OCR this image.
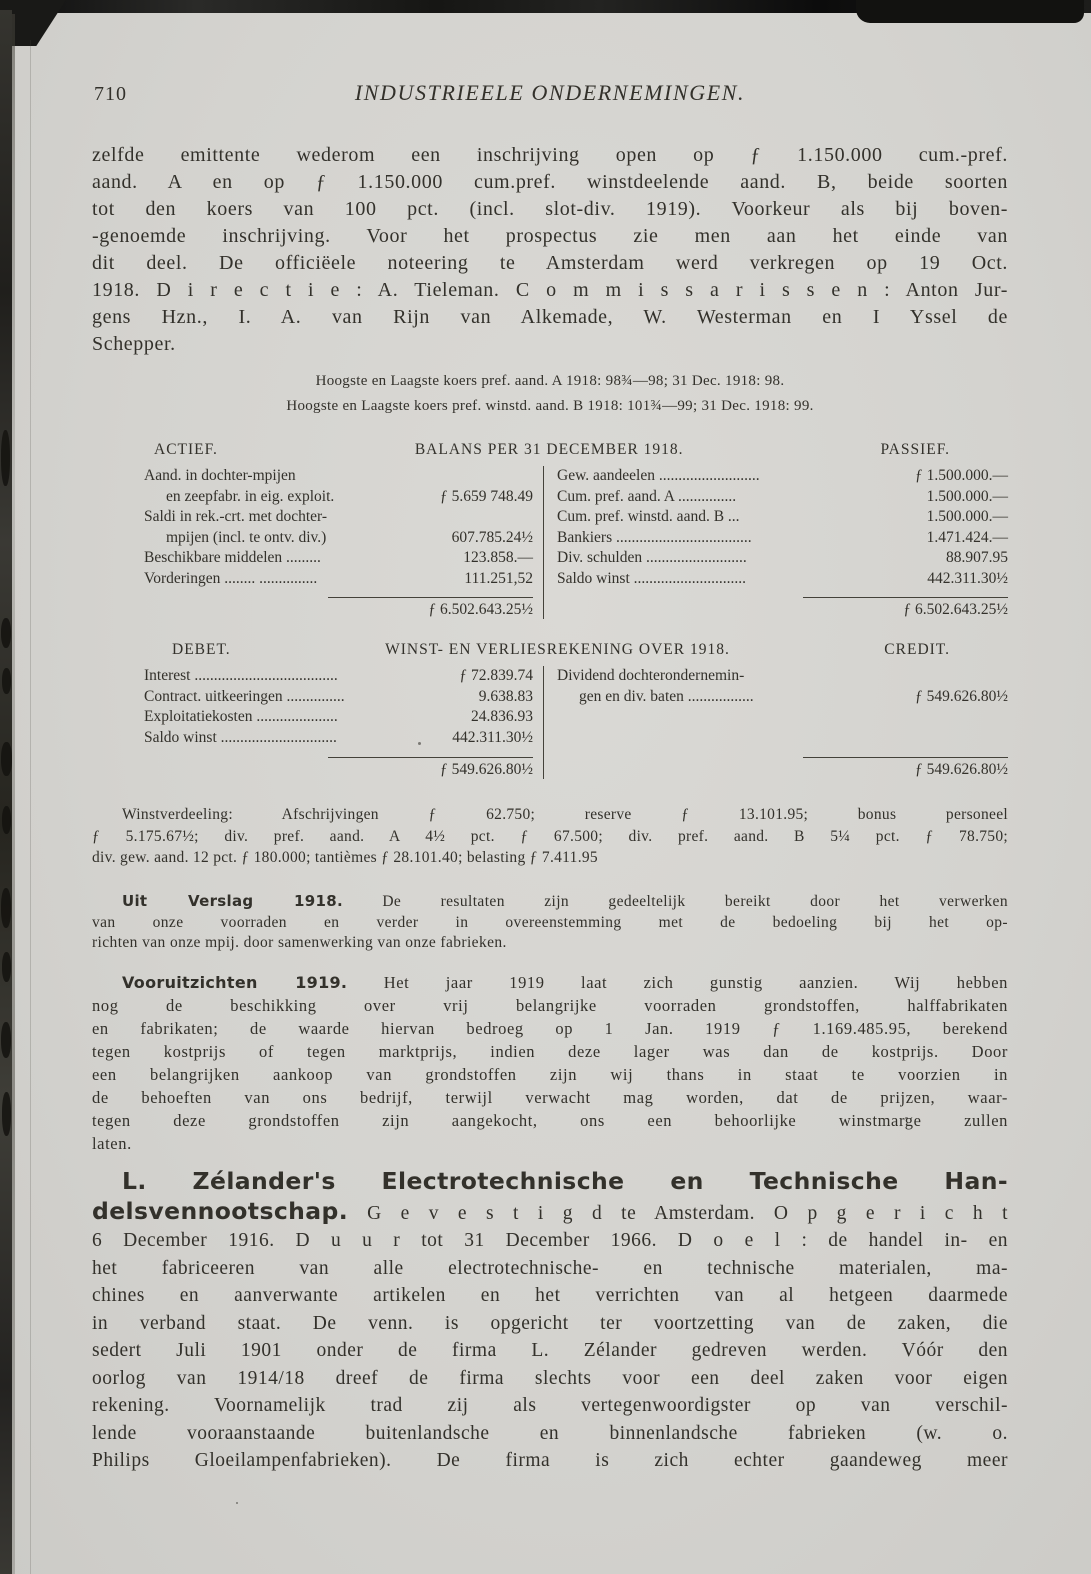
710	INDUSTRIEELE ONDERNEMINGEN.
zelfde emittente wederom een inschrijving open op ƒ 1.150.000 cum.-pref.
aand. A en op ƒ 1.150.000 cum.pref. winstdeelende aand. B, beide soorten
tot den koers van 100 pct. (incl. slot-div. 1919). Voorkeur als bij boven-
-genoemde inschrijving. Voor het prospectus zie men aan het einde van
dit deel. De officiëele noteering te Amsterdam werd verkregen op 19 Oct.
1918. D i r e c t i e : A. Tieleman. C o m m i s s a r i s s e n : Anton Jur-
gens Hzn., I. A. van Rijn van Alkemade, W. Westerman en I Yssel de
Schepper.
Hoogste en Laagste koers pref. aand. A 1918: 98¾—98; 31 Dec. 1918: 98.
Hoogste en Laagste koers pref. winstd. aand. B 1918: 101¾—99; 31 Dec. 1918: 99.
ACTIEF.	BALANS PER 31 DECEMBER 1918.	PASSIEF.
Aand. in dochter-mpijen
en zeepfabr. in eig. exploit.	ƒ 5.659 748.49
Saldi in rek.-crt. met dochter-
mpijen (incl. te ontv. div.)	607.785.24½
Beschikbare middelen .........	123.858.—
Vorderingen ........ ...............	111.251,52
ƒ 6.502.643.25½
Gew. aandeelen ..........................	ƒ 1.500.000.—
Cum. pref. aand. A ...............	1.500.000.—
Cum. pref. winstd. aand. B ...	1.500.000.—
Bankiers ...................................	1.471.424.—
Div. schulden ..........................	88.907.95
Saldo winst .............................	442.311.30½
ƒ 6.502.643.25½
DEBET.	WINST- EN VERLIESREKENING OVER 1918.	CREDIT.
Interest .....................................	ƒ 72.839.74
Contract. uitkeeringen ...............	9.638.83
Exploitatiekosten .....................	24.836.93
Saldo winst ..............................	442.311.30½
ƒ 549.626.80½
Dividend dochterondernemin-
gen en div. baten .................	ƒ 549.626.80½
ƒ 549.626.80½
Winstverdeeling: Afschrijvingen ƒ 62.750; reserve ƒ 13.101.95; bonus personeel
ƒ 5.175.67½; div. pref. aand. A 4½ pct. ƒ 67.500; div. pref. aand. B 5¼ pct. ƒ 78.750;
div. gew. aand. 12 pct. ƒ 180.000; tantièmes ƒ 28.101.40; belasting ƒ 7.411.95
Uit Verslag 1918.	De resultaten zijn gedeeltelijk bereikt door het verwerken
van onze voorraden en verder in overeenstemming met de bedoeling bij het op-
richten van onze mpij. door samenwerking van onze fabrieken.
Vooruitzichten 1919. Het jaar 1919 laat zich gunstig aanzien. Wij hebben
nog de beschikking over vrij belangrijke voorraden grondstoffen, halffabrikaten
en fabrikaten; de waarde hiervan bedroeg op 1 Jan. 1919 ƒ 1.169.485.95, berekend
tegen kostprijs of tegen marktprijs, indien deze lager was dan de kostprijs. Door
een belangrijken aankoop van grondstoffen zijn wij thans in staat te voorzien in
de behoeften van ons bedrijf, terwijl verwacht mag worden, dat de prijzen, waar-
tegen deze grondstoffen zijn aangekocht, ons een behoorlijke winstmarge zullen
laten.
L. Zélander's Electrotechnische en Technische Han-
delsvennootschap. G e v e s t i g d te Amsterdam. O p g e r i c h t
6 December 1916. D u u r tot 31 December 1966. D o e l : de handel in- en
het fabriceeren van alle electrotechnische- en technische materialen, ma-
chines en aanverwante artikelen en het verrichten van al hetgeen daarmede
in verband staat. De venn. is opgericht ter voortzetting van de zaken, die
sedert Juli 1901 onder de firma L. Zélander gedreven werden. Vóór den
oorlog van 1914/18 dreef de firma slechts voor een deel zaken voor eigen
rekening. Voornamelijk trad zij als vertegenwoordigster op van verschil-
lende vooraanstaande buitenlandsche en binnenlandsche fabrieken (w. o.
Philips Gloeilampenfabrieken). De firma is zich echter gaandeweg meer
